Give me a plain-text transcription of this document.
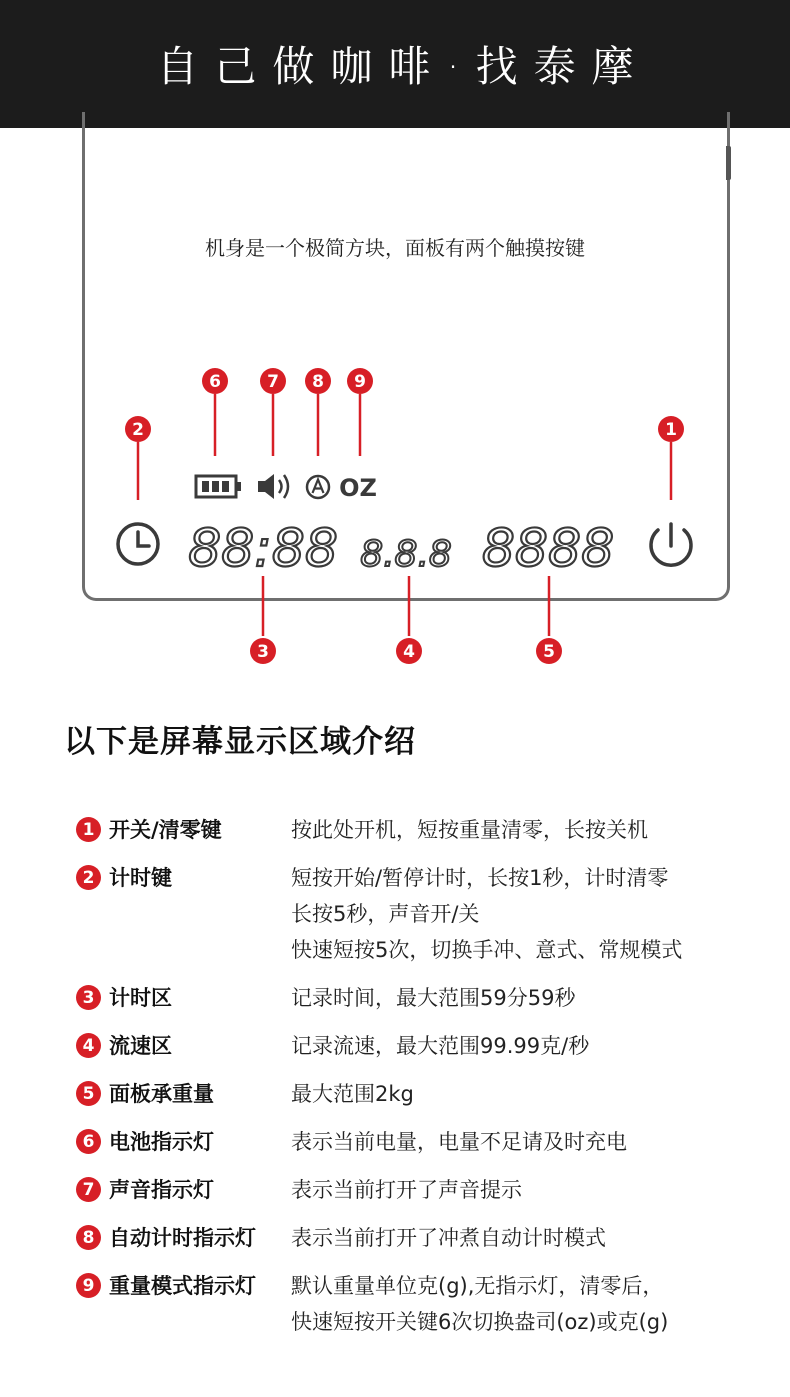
自己做咖啡·找泰摩
机身是一个极简方块，面板有两个触摸按键
6	7 8 9
2	1
3	4	5
OZ
88:88 8.8.8 8888
以下是屏幕显示区域介绍
1 开关/清零键	按此处开机，短按重量清零，长按关机
2 计时键	短按开始/暂停计时，长按1秒，计时清零
长按5秒，声音开/关
快速短按5次，切换手冲、意式、常规模式
3 计时区	记录时间，最大范围59分59秒
4 流速区	记录流速，最大范围99.99克/秒
5 面板承重量	最大范围2kg
6 电池指示灯	表示当前电量，电量不足请及时充电
7 声音指示灯	表示当前打开了声音提示
8 自动计时指示灯	表示当前打开了冲煮自动计时模式
9 重量模式指示灯	默认重量单位克(g),无指示灯，清零后，
快速短按开关键6次切换盎司(oz)或克(g)
